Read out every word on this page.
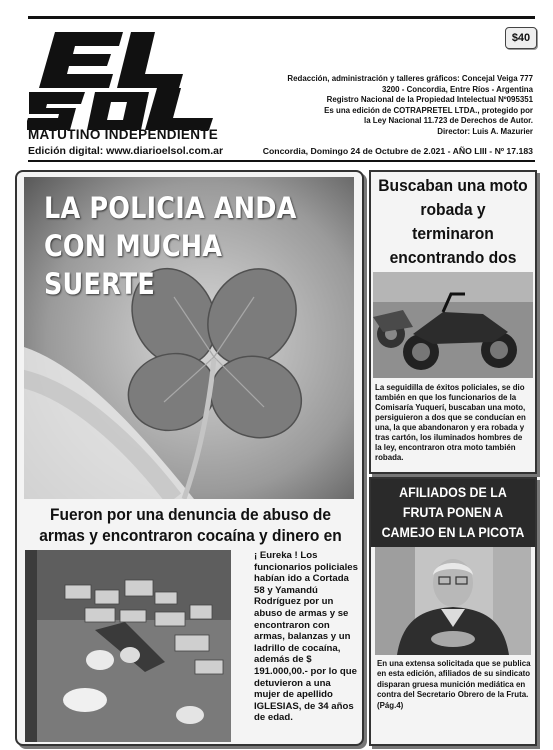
MATUTINO INDEPENDIENTE
Edición digital: www.diarioelsol.com.ar
$40
Redacción, administración y talleres gráficos: Concejal Veiga 777
3200 - Concordia, Entre Ríos - Argentina
Registro Nacional de la Propiedad Intelectual Nº095351
Es una edición de COTRAPRETEL LTDA., protegido por
la Ley Nacional 11.723 de Derechos de Autor.
Director: Luis A. Mazurier
Concordia, Domingo 24 de Octubre de 2.021 - AÑO LIII - Nº 17.183
LA POLICIA ANDA
CON MUCHA SUERTE
Fueron por una denuncia de abuso de armas y encontraron cocaína y dinero en
¡ Eureka ! Los funcionarios policiales habían ido a Cortada 58 y Yamandú Rodríguez por un abuso de armas y se encontraron con armas, balanzas y un ladrillo de cocaína, además de $ 191.000,00.- por lo que detuvieron a una mujer de apellido IGLESIAS, de 34 años de edad.
Buscaban una moto robada y terminaron encontrando dos
La seguidilla de éxitos policiales, se dio también en que los funcionarios de la Comisaría Yuquerí, buscaban una moto, persiguieron a dos que se conducían en una, la que abandonaron y era robada y tras cartón, los iluminados hombres de la ley, encontraron otra moto también robada.
AFILIADOS DE LA FRUTA PONEN A CAMEJO EN LA PICOTA
En una extensa solicitada que se publica en esta edición, afiliados de su sindicato disparan gruesa munición mediática en contra del Secretario Obrero de la Fruta. (Pág.4)
